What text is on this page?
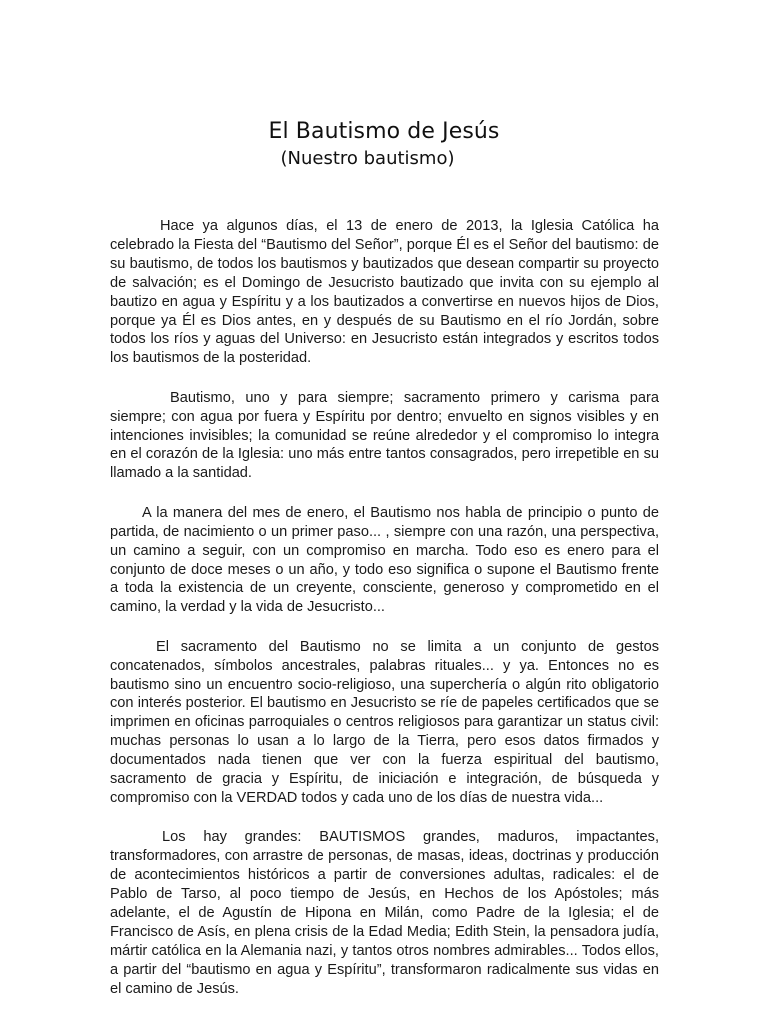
El Bautismo de Jesús
(Nuestro bautismo)

Hace ya algunos días, el 13 de enero de 2013, la Iglesia Católica ha celebrado la Fiesta del “Bautismo del Señor”, porque Él es el Señor del bautismo: de su bautismo, de todos los bautismos y bautizados que desean compartir su proyecto de salvación; es el Domingo de Jesucristo bautizado que invita con su ejemplo al bautizo en agua y Espíritu y a los bautizados a convertirse en nuevos hijos de Dios, porque ya Él es Dios antes, en y después de su Bautismo en el río Jordán, sobre todos los ríos y aguas del Universo: en Jesucristo están integrados y escritos todos los bautismos de la posteridad.

Bautismo, uno y para siempre; sacramento primero y carisma para siempre; con agua por fuera y Espíritu por dentro; envuelto en signos visibles y en intenciones invisibles; la comunidad se reúne alrededor y el compromiso lo integra en el corazón de la Iglesia: uno más entre tantos consagrados, pero irrepetible en su llamado a la santidad.

A la manera del mes de enero, el Bautismo nos habla de principio o punto de partida, de nacimiento o un primer paso... , siempre con una razón, una perspectiva, un camino a seguir, con un compromiso en marcha. Todo eso es enero para el conjunto de doce meses o un año, y todo eso significa o supone el Bautismo frente a toda la existencia de un creyente, consciente, generoso y comprometido en el camino, la verdad y la vida de Jesucristo...

El sacramento del Bautismo no se limita a un conjunto de gestos concatenados, símbolos ancestrales, palabras rituales... y ya. Entonces no es bautismo sino un encuentro socio-religioso, una superchería o algún rito obligatorio con interés posterior. El bautismo en Jesucristo se ríe de papeles certificados que se imprimen en oficinas parroquiales o centros religiosos para garantizar un status civil: muchas personas lo usan a lo largo de la Tierra, pero esos datos firmados y documentados nada tienen que ver con la fuerza espiritual del bautismo, sacramento de gracia y Espíritu, de iniciación e integración, de búsqueda y compromiso con la VERDAD todos y cada uno de los días de nuestra vida...

Los hay grandes: BAUTISMOS grandes, maduros, impactantes, transformadores, con arrastre de personas, de masas, ideas, doctrinas y producción de acontecimientos históricos a partir de conversiones adultas, radicales: el de Pablo de Tarso, al poco tiempo de Jesús, en Hechos de los Apóstoles; más adelante, el de Agustín de Hipona en Milán, como Padre de la Iglesia; el de Francisco de Asís, en plena crisis de la Edad Media; Edith Stein, la pensadora judía, mártir católica en la Alemania nazi, y tantos otros nombres admirables... Todos ellos, a partir del “bautismo en agua y Espíritu”, transformaron radicalmente sus vidas en el camino de Jesús.
